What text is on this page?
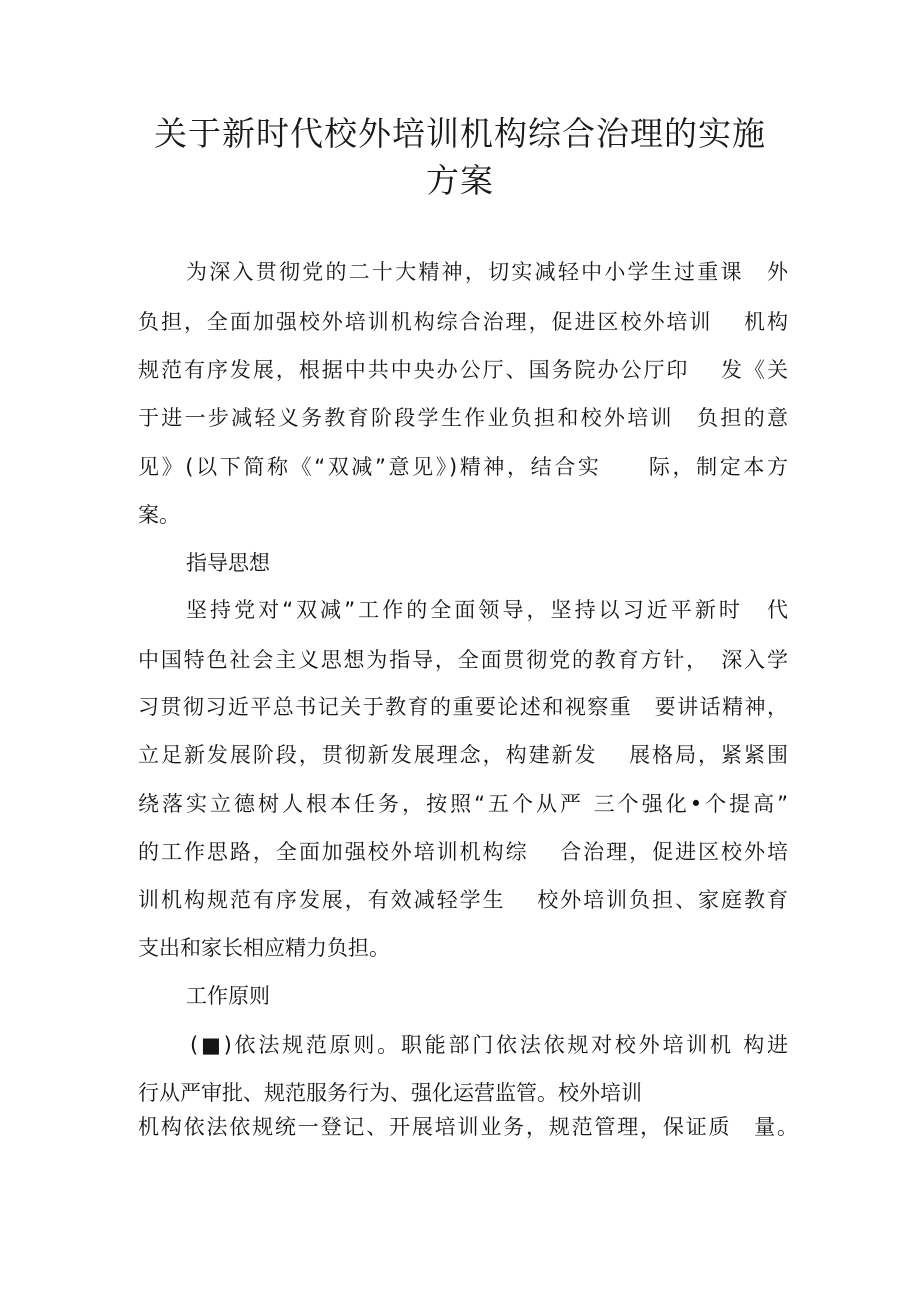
关于新时代校外培训机构综合治理的实施
方案
为深入贯彻党的二十大精神，切实减轻中小学生过重课　外
负担，全面加强校外培训机构综合治理，促进区校外培训　 机构
规范有序发展，根据中共中央办公厅、国务院办公厅印　 发《关
于进一步减轻义务教育阶段学生作业负担和校外培训　负担的意
见》(以下简称《“双减”意见》)精神，结合实　　际，制定本方
案。
指导思想
坚持党对“双减”工作的全面领导，坚持以习近平新时　代
中国特色社会主义思想为指导，全面贯彻党的教育方针，　深入学
习贯彻习近平总书记关于教育的重要论述和视察重　要讲话精神，
立足新发展阶段，贯彻新发展理念，构建新发　 展格局，紧紧围
绕落实立德树人根本任务，按照“五个从严 三个强化•个提高”
的工作思路，全面加强校外培训机构综　 合治理，促进区校外培
训机构规范有序发展，有效减轻学生　 校外培训负担、家庭教育
支出和家长相应精力负担。
工作原则
(■)依法规范原则。职能部门依法依规对校外培训机 构进
行从严审批、规范服务行为、强化运营监管。校外培训
机构依法依规统一登记、开展培训业务，规范管理，保证质　量。
